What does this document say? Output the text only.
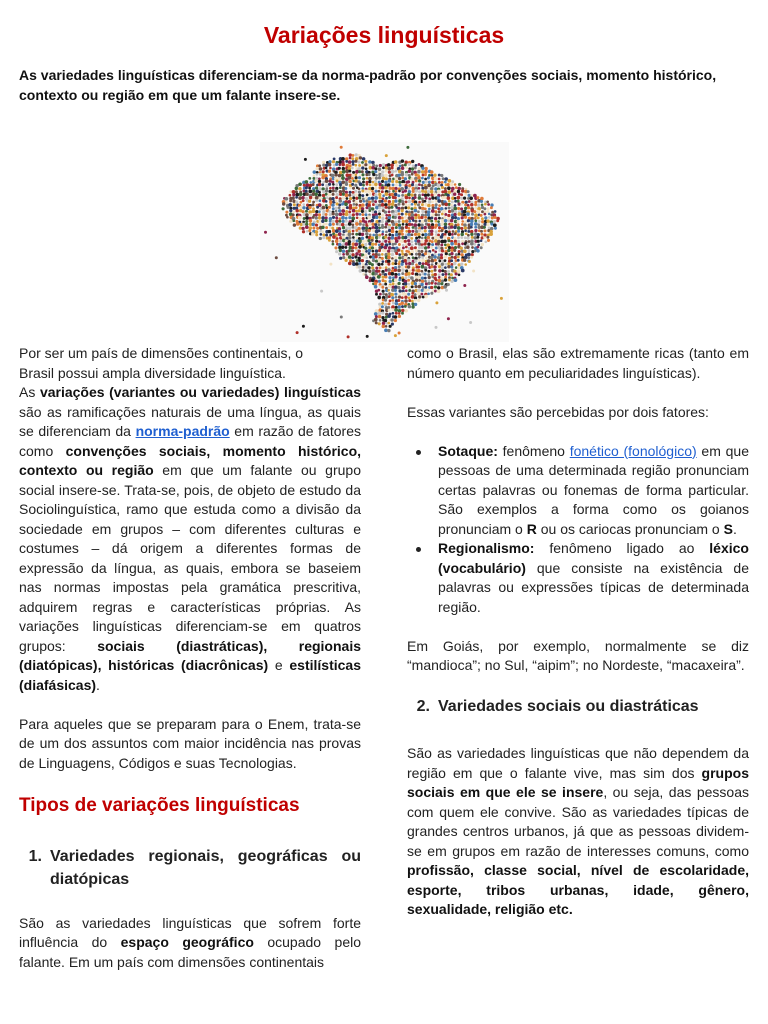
Variações linguísticas

As variedades linguísticas diferenciam-se da norma-padrão por convenções sociais, momento histórico, contexto ou região em que um falante insere-se.

Por ser um país de dimensões continentais, o
Brasil possui ampla diversidade linguística.

As variações (variantes ou variedades) linguísticas são as ramificações naturais de uma língua, as quais se diferenciam da norma-padrão em razão de fatores como convenções sociais, momento histórico, contexto ou região em que um falante ou grupo social insere-se. Trata-se, pois, de objeto de estudo da Sociolinguística, ramo que estuda como a divisão da sociedade em grupos – com diferentes culturas e costumes – dá origem a diferentes formas de expressão da língua, as quais, embora se baseiem nas normas impostas pela gramática prescritiva, adquirem regras e características próprias. As variações linguísticas diferenciam-se em quatros grupos: sociais (diastráticas), regionais (diatópicas), históricas (diacrônicas) e estilísticas (diafásicas).

Para aqueles que se preparam para o Enem, trata-se de um dos assuntos com maior incidência nas provas de Linguagens, Códigos e suas Tecnologias.

Tipos de variações linguísticas
1. Variedades regionais, geográficas ou diatópicas

São as variedades linguísticas que sofrem forte influência do espaço geográfico ocupado pelo falante. Em um país com dimensões continentais

como o Brasil, elas são extremamente ricas (tanto em número quanto em peculiaridades linguísticas).

Essas variantes são percebidas por dois fatores:

Sotaque: fenômeno fonético (fonológico) em que pessoas de uma determinada região pronunciam certas palavras ou fonemas de forma particular. São exemplos a forma como os goianos pronunciam o R ou os cariocas pronunciam o S.
Regionalismo: fenômeno ligado ao léxico (vocabulário) que consiste na existência de palavras ou expressões típicas de determinada região.

Em Goiás, por exemplo, normalmente se diz “mandioca”; no Sul, “aipim”; no Nordeste, “macaxeira”.

2. Variedades sociais ou diastráticas

São as variedades linguísticas que não dependem da região em que o falante vive, mas sim dos grupos sociais em que ele se insere, ou seja, das pessoas com quem ele convive. São as variedades típicas de grandes centros urbanos, já que as pessoas dividem-se em grupos em razão de interesses comuns, como profissão, classe social, nível de escolaridade, esporte, tribos urbanas, idade, gênero, sexualidade, religião etc.
